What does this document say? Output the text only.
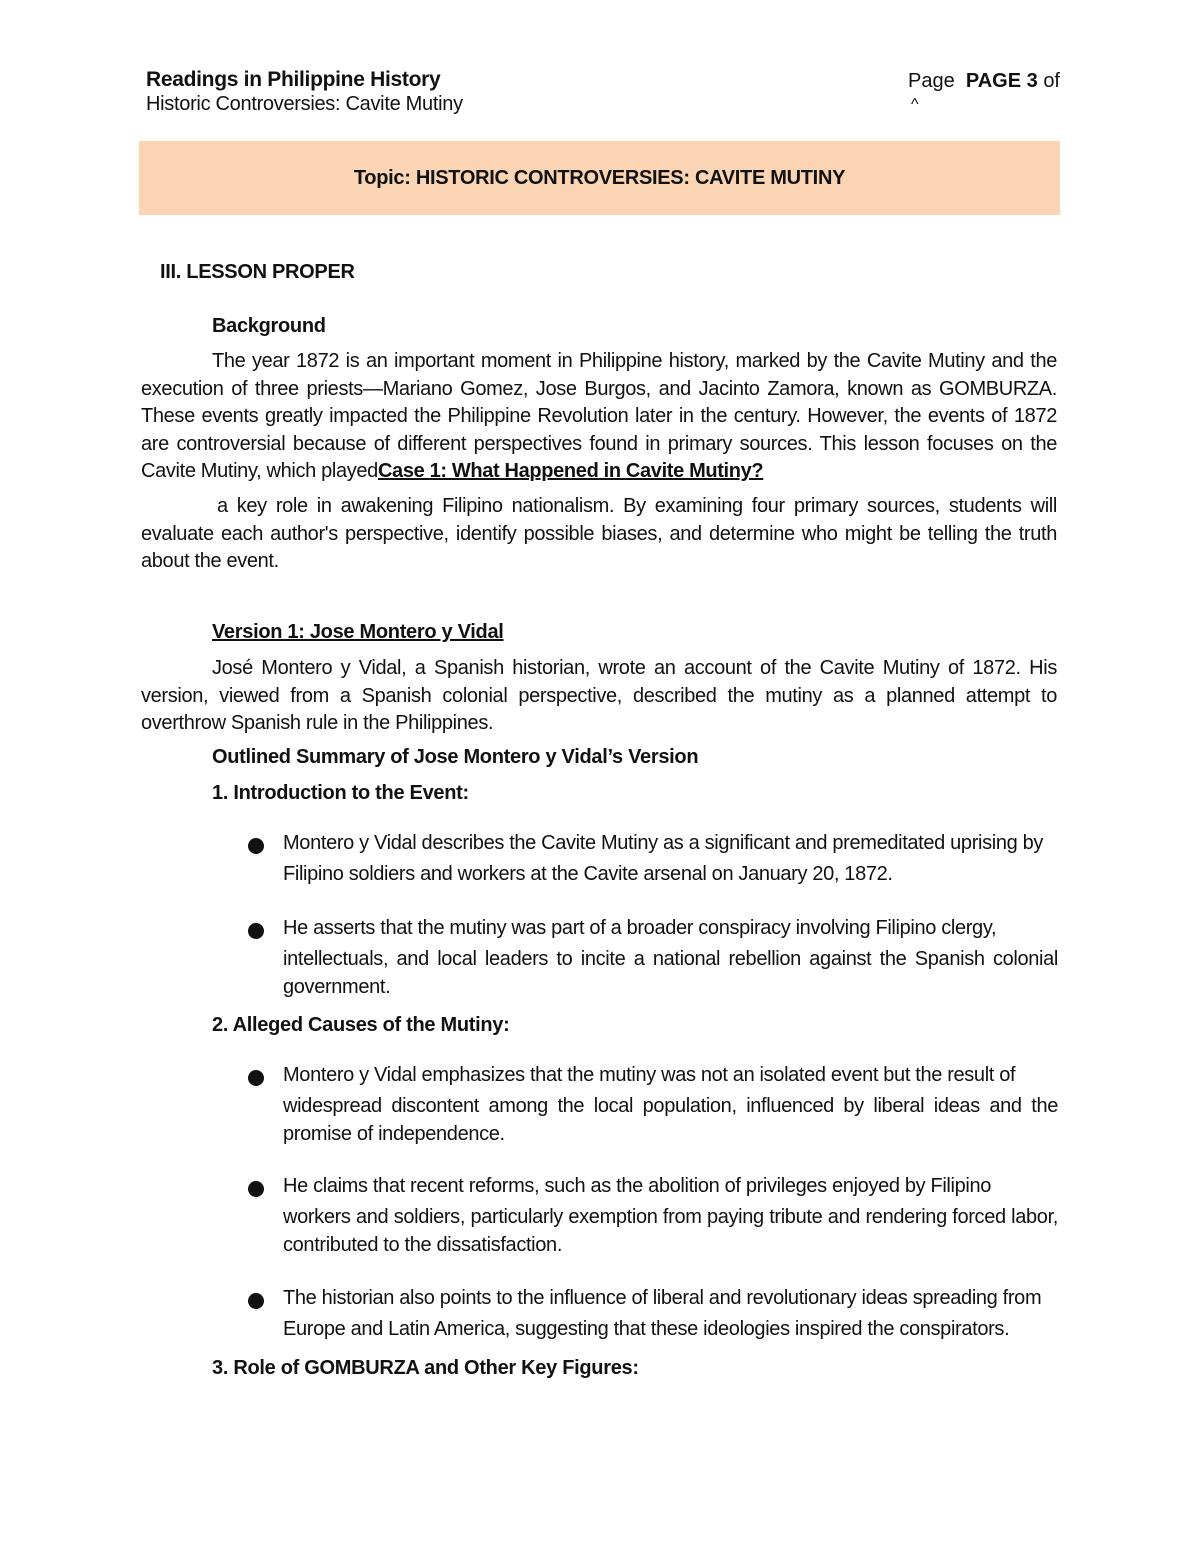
Readings in Philippine History
Historic Controversies: Cavite Mutiny
Page PAGE 3 of
^
Topic: HISTORIC CONTROVERSIES: CAVITE MUTINY
III. LESSON PROPER
Background
The year 1872 is an important moment in Philippine history, marked by the Cavite Mutiny and the execution of three priests—Mariano Gomez, Jose Burgos, and Jacinto Zamora, known as GOMBURZA. These events greatly impacted the Philippine Revolution later in the century. However, the events of 1872 are controversial because of different perspectives found in primary sources. This lesson focuses on the Cavite Mutiny, which playedCase 1: What Happened in Cavite Mutiny?
a key role in awakening Filipino nationalism. By examining four primary sources, students will evaluate each author's perspective, identify possible biases, and determine who might be telling the truth about the event.
Version 1: Jose Montero y Vidal
José Montero y Vidal, a Spanish historian, wrote an account of the Cavite Mutiny of 1872. His version, viewed from a Spanish colonial perspective, described the mutiny as a planned attempt to overthrow Spanish rule in the Philippines.
Outlined Summary of Jose Montero y Vidal’s Version
1. Introduction to the Event:
Montero y Vidal describes the Cavite Mutiny as a significant and premeditated uprising by
Filipino soldiers and workers at the Cavite arsenal on January 20, 1872.
He asserts that the mutiny was part of a broader conspiracy involving Filipino clergy,
intellectuals, and local leaders to incite a national rebellion against the Spanish colonial government.
2. Alleged Causes of the Mutiny:
Montero y Vidal emphasizes that the mutiny was not an isolated event but the result of
widespread discontent among the local population, influenced by liberal ideas and the promise of independence.
He claims that recent reforms, such as the abolition of privileges enjoyed by Filipino
workers and soldiers, particularly exemption from paying tribute and rendering forced labor, contributed to the dissatisfaction.
The historian also points to the influence of liberal and revolutionary ideas spreading from
Europe and Latin America, suggesting that these ideologies inspired the conspirators.
3. Role of GOMBURZA and Other Key Figures:
